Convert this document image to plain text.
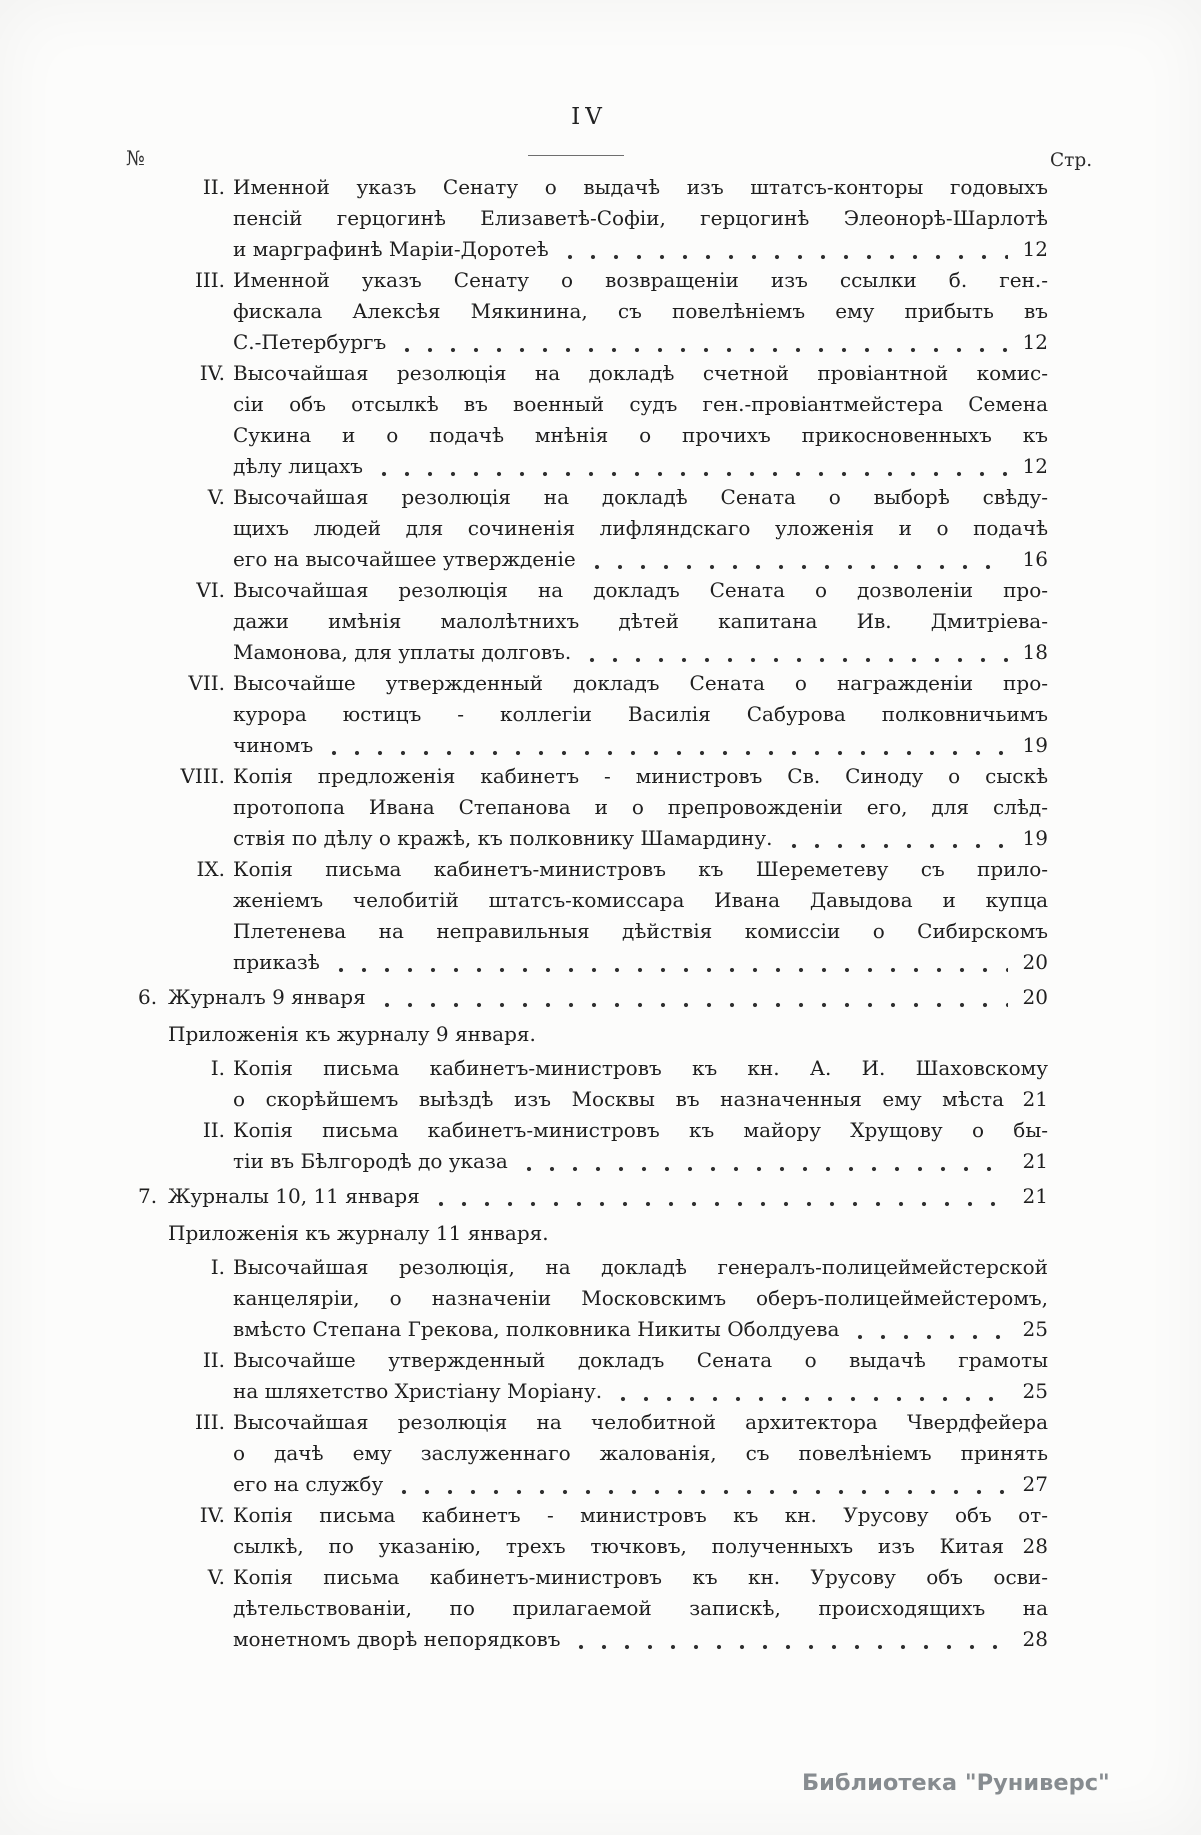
IV
№	Стр.
II. Именной указъ Сенату о выдачѣ изъ штатсъ-конторы годовыхъ
пенсій герцогинѣ Елизаветѣ-Софіи, герцогинѣ Элеонорѣ-Шарлотѣ
и марграфинѣ Маріи-Доротеѣ	12
III. Именной указъ Сенату о возвращеніи изъ ссылки б. ген.-
фискала Алексѣя Мякинина, съ повелѣніемъ ему прибыть въ
С.-Петербургъ	12
IV. Высочайшая резолюція на докладѣ счетной провіантной комис-
сіи объ отсылкѣ въ военный судъ ген.-провіантмейстера Семена
Сукина и о подачѣ мнѣнія о прочихъ прикосновенныхъ къ
дѣлу лицахъ	12
V. Высочайшая резолюція на докладѣ Сената о выборѣ свѣду-
щихъ людей для сочиненія лифляндскаго уложенія и о подачѣ
его на высочайшее утвержденіе	16
VI. Высочайшая резолюція на докладъ Сената о дозволеніи про-
дажи имѣнія малолѣтнихъ дѣтей капитана Ив. Дмитріева-
Мамонова, для уплаты долговъ.	18
VII. Высочайше утвержденный докладъ Сената о награжденіи про-
курора юстицъ - коллегіи Василія Сабурова полковничьимъ
чиномъ	19
VIII. Копія предложенія кабинетъ - министровъ Св. Синоду о сыскѣ
протопопа Ивана Степанова и о препровожденіи его, для слѣд-
ствія по дѣлу о кражѣ, къ полковнику Шамардину.	19
IX. Копія письма кабинетъ-министровъ къ Шереметеву съ прило-
женіемъ челобитій штатсъ-комиссара Ивана Давыдова и купца
Плетенева на неправильныя дѣйствія комиссіи о Сибирскомъ
приказѣ	20
6. Журналъ 9 января	20
Приложенія къ журналу 9 января.
I. Копія письма кабинетъ-министровъ къ кн. А. И. Шаховскому
о скорѣйшемъ выѣздѣ изъ Москвы въ назначенныя ему мѣста 21
II. Копія письма кабинетъ-министровъ къ майору Хрущову о бы-
тіи въ Бѣлгородѣ до указа	21
7. Журналы 10, 11 января	21
Приложенія къ журналу 11 января.
I. Высочайшая резолюція, на докладѣ генералъ-полицеймейстерской
канцеляріи, о назначеніи Московскимъ оберъ-полицеймейстеромъ,
вмѣсто Степана Грекова, полковника Никиты Оболдуева	25
II. Высочайше утвержденный докладъ Сената о выдачѣ грамоты
на шляхетство Христіану Моріану.	25
III. Высочайшая резолюція на челобитной архитектора Чвердфейера
о дачѣ ему заслуженнаго жалованія, съ повелѣніемъ принять
его на службу	27
IV. Копія письма кабинетъ - министровъ къ кн. Урусову объ от-
сылкѣ, по указанію, трехъ тючковъ, полученныхъ изъ Китая 28
V. Копія письма кабинетъ-министровъ къ кн. Урусову объ осви-
дѣтельствованіи, по прилагаемой запискѣ, происходящихъ на
монетномъ дворѣ непорядковъ	28
Библиотека "Руниверс"
